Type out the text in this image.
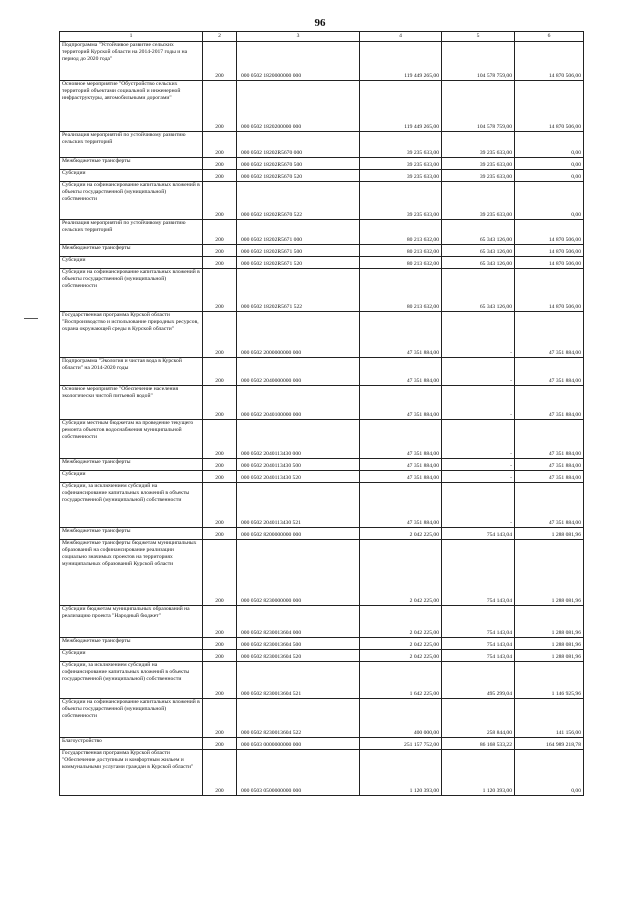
96
1	2	3	4	5	6
Подпрограмма "Устойчивое развитие сельских территорий Курской области на 2014-2017 годы и на период до 2020 года"	200	000 0502 1820000000 000	119 449 265,00	104 578 759,00	14 870 506,00
Основное мероприятие "Обустройство сельских территорий объектами социальной и инженерной инфраструктуры, автомобильными дорогами"	200	000 0502 1820200000 000	119 449 265,00	104 578 759,00	14 870 506,00
Реализация мероприятий по устойчивому развитию сельских территорий	200	000 0502 18202R5670 000	39 235 633,00	39 235 633,00	0,00
Межбюджетные трансферты	200	000 0502 18202R5670 500	39 235 633,00	39 235 633,00	0,00
Субсидии	200	000 0502 18202R5670 520	39 235 633,00	39 235 633,00	0,00
Субсидии на софинансирование капитальных вложений в объекты государственной (муниципальной) собственности	200	000 0502 18202R5670 522	39 235 633,00	39 235 633,00	0,00
Реализация мероприятий по устойчивому развитию сельских территорий	200	000 0502 18202R5671 000	80 213 632,00	65 343 126,00	14 870 506,00
Межбюджетные трансферты	200	000 0502 18202R5671 500	80 213 632,00	65 343 126,00	14 870 506,00
Субсидии	200	000 0502 18202R5671 520	80 213 632,00	65 343 126,00	14 870 506,00
Субсидии на софинансирование капитальных вложений в объекты государственной (муниципальной) собственности	200	000 0502 18202R5671 522	80 213 632,00	65 343 126,00	14 870 506,00
Государственная программа Курской области "Воспроизводство и использование природных ресурсов, охрана окружающей среды в Курской области"	200	000 0502 2000000000 000	47 351 884,00	-	47 351 884,00
Подпрограмма "Экология и чистая вода в Курской области" на 2014-2020 годы	200	000 0502 2040000000 000	47 351 884,00	-	47 351 884,00
Основное мероприятие "Обеспечение населения экологически чистой питьевой водой"	200	000 0502 2040100000 000	47 351 884,00	-	47 351 884,00
Субсидии местным бюджетам на проведение текущего ремонта объектов водоснабжения муниципальной собственности	200	000 0502 2040113430 000	47 351 884,00	-	47 351 884,00
Межбюджетные трансферты	200	000 0502 2040113430 500	47 351 884,00	-	47 351 884,00
Субсидии	200	000 0502 2040113430 520	47 351 884,00	-	47 351 884,00
Субсидии, за исключением субсидий на софинансирование капитальных вложений в объекты государственной (муниципальной) собственности	200	000 0502 2040113430 521	47 351 884,00	-	47 351 884,00
Межбюджетные трансферты	200	000 0502 8200000000 000	2 042 225,00	754 143,04	1 288 081,96
Межбюджетные трансферты бюджетам муниципальных образований на софинансирование реализации социально значимых проектов на территориях муниципальных образований Курской области	200	000 0502 8230000000 000	2 042 225,00	754 143,04	1 288 081,96
Субсидии бюджетам муниципальных образований на реализацию проекта "Народный бюджет"	200	000 0502 8230013604 000	2 042 225,00	754 143,04	1 288 081,96
Межбюджетные трансферты	200	000 0502 8230013604 500	2 042 225,00	754 143,04	1 288 081,96
Субсидии	200	000 0502 8230013604 520	2 042 225,00	754 143,04	1 288 081,96
Субсидии, за исключением субсидий на софинансирование капитальных вложений в объекты государственной (муниципальной) собственности	200	000 0502 8230013604 521	1 642 225,00	495 299,04	1 146 925,96
Субсидии на софинансирование капитальных вложений в объекты государственной (муниципальной) собственности	200	000 0502 8230013604 522	400 000,00	258 844,00	141 156,00
Благоустройство	200	000 0503 0000000000 000	251 157 752,00	86 168 533,22	164 989 218,78
Государственная программа Курской области "Обеспечение доступным и комфортным жильем и коммунальными услугами граждан в Курской области"	200	000 0503 0500000000 000	1 120 393,00	1 120 393,00	0,00
